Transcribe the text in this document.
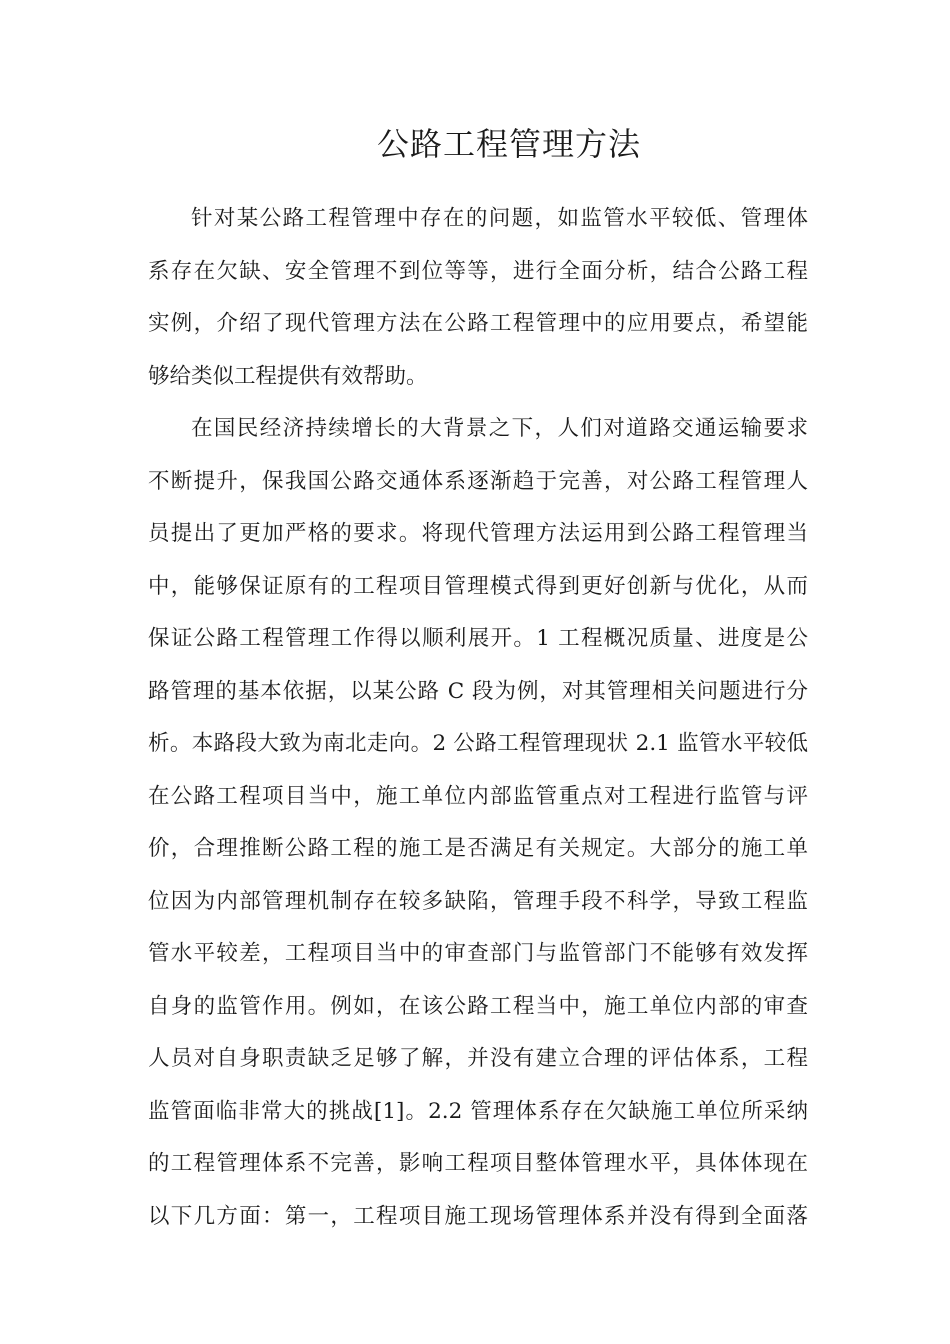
公路工程管理方法
针对某公路工程管理中存在的问题，如监管水平较低、管理体
系存在欠缺、安全管理不到位等等，进行全面分析，结合公路工程
实例，介绍了现代管理方法在公路工程管理中的应用要点，希望能
够给类似工程提供有效帮助。
在国民经济持续增长的大背景之下，人们对道路交通运输要求
不断提升，保我国公路交通体系逐渐趋于完善，对公路工程管理人
员提出了更加严格的要求。将现代管理方法运用到公路工程管理当
中，能够保证原有的工程项目管理模式得到更好创新与优化，从而
保证公路工程管理工作得以顺利展开。1 工程概况质量、进度是公
路管理的基本依据，以某公路 C 段为例，对其管理相关问题进行分
析。本路段大致为南北走向。2 公路工程管理现状 2.1 监管水平较低
在公路工程项目当中，施工单位内部监管重点对工程进行监管与评
价，合理推断公路工程的施工是否满足有关规定。大部分的施工单
位因为内部管理机制存在较多缺陷，管理手段不科学，导致工程监
管水平较差，工程项目当中的审查部门与监管部门不能够有效发挥
自身的监管作用。例如，在该公路工程当中，施工单位内部的审查
人员对自身职责缺乏足够了解，并没有建立合理的评估体系，工程
监管面临非常大的挑战[1]。2.2 管理体系存在欠缺施工单位所采纳
的工程管理体系不完善，影响工程项目整体管理水平，具体体现在
以下几方面：第一，工程项目施工现场管理体系并没有得到全面落
